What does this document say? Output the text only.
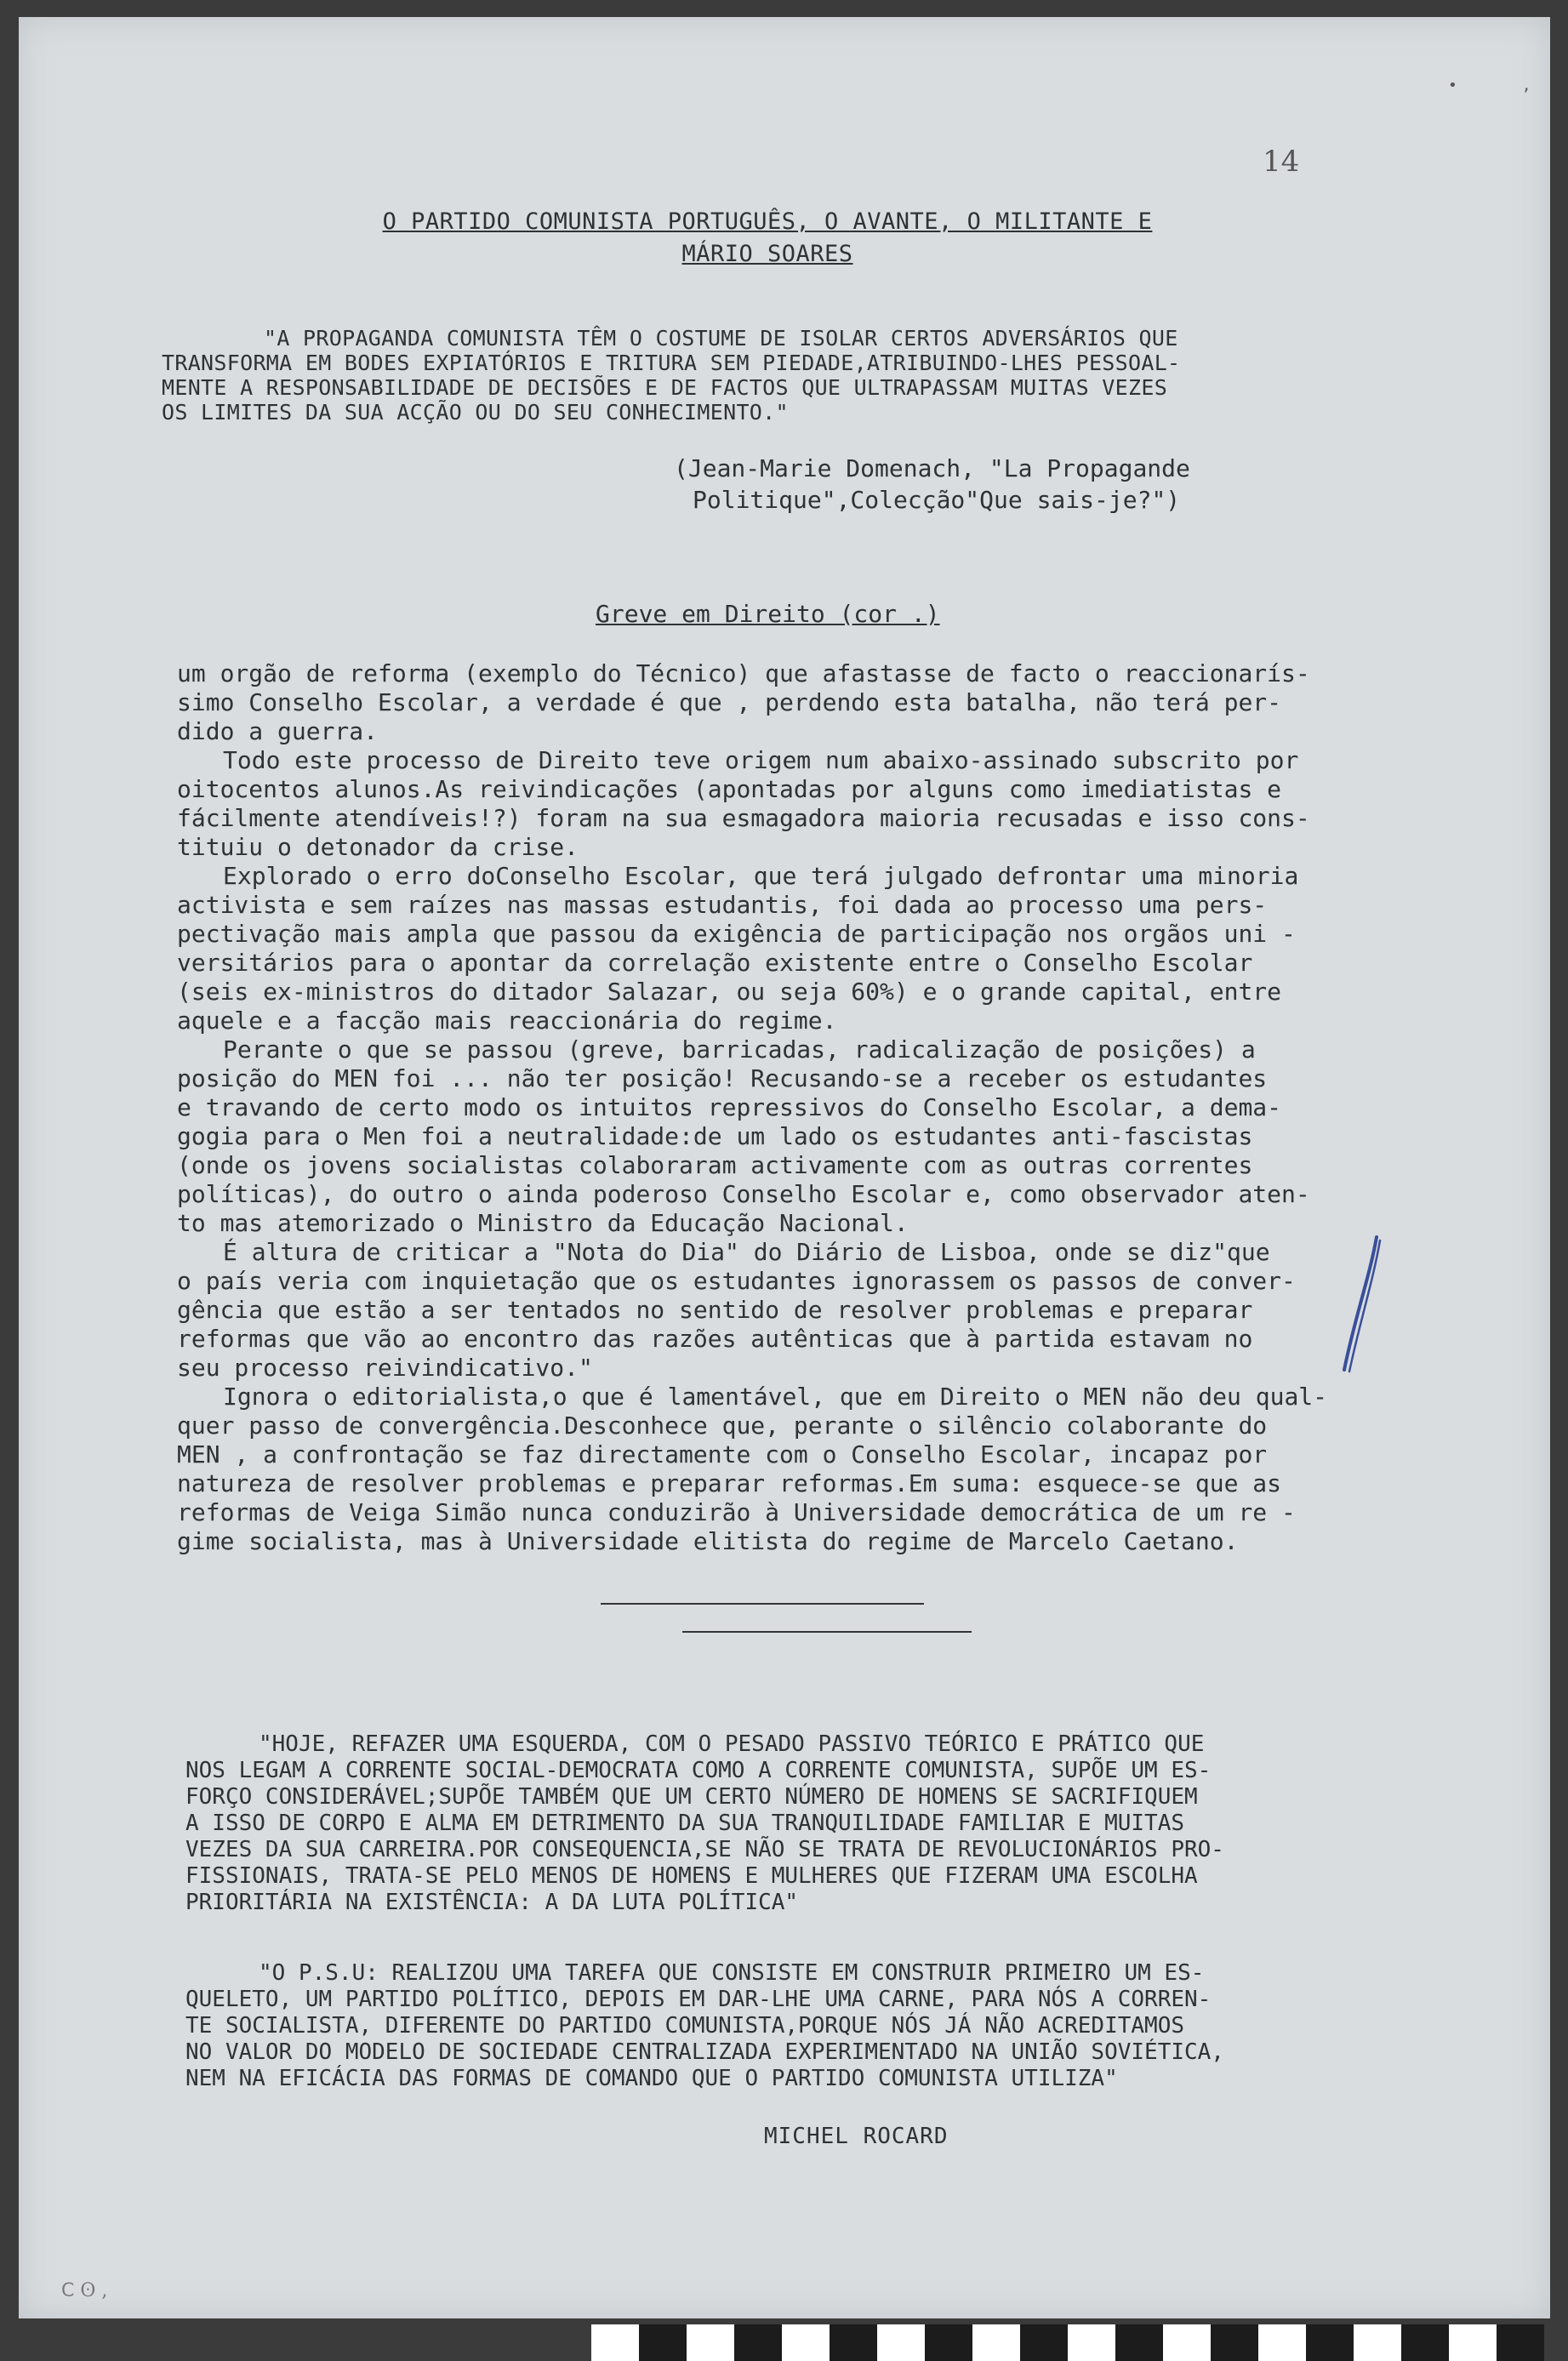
•       ,
14
O PARTIDO COMUNISTA PORTUGUÊS, O AVANTE, O MILITANTE E
MÁRIO SOARES
"A PROPAGANDA COMUNISTA TÊM O COSTUME DE ISOLAR CERTOS ADVERSÁRIOS QUE
TRANSFORMA EM BODES EXPIATÓRIOS E TRITURA SEM PIEDADE,ATRIBUINDO-LHES PESSOAL-
MENTE A RESPONSABILIDADE DE DECISÕES E DE FACTOS QUE ULTRAPASSAM MUITAS VEZES
OS LIMITES DA SUA ACÇÃO OU DO SEU CONHECIMENTO."
(Jean-Marie Domenach, "La Propagande
Politique",Colecção"Que sais-je?")
Greve em Direito (cor .)
um orgão de reforma (exemplo do Técnico) que afastasse de facto o reaccionarís-
simo Conselho Escolar, a verdade é que , perdendo esta batalha, não terá per-
dido a guerra.
Todo este processo de Direito teve origem num abaixo-assinado subscrito por
oitocentos alunos.As reivindicações (apontadas por alguns como imediatistas e
fácilmente atendíveis!?) foram na sua esmagadora maioria recusadas e isso cons-
tituiu o detonador da crise.
Explorado o erro doConselho Escolar, que terá julgado defrontar uma minoria
activista e sem raízes nas massas estudantis, foi dada ao processo uma pers-
pectivação mais ampla que passou da exigência de participação nos orgãos uni -
versitários para o apontar da correlação existente entre o Conselho Escolar
(seis ex-ministros do ditador Salazar, ou seja 60%) e o grande capital, entre
aquele e a facção mais reaccionária do regime.
Perante o que se passou (greve, barricadas, radicalização de posições) a
posição do MEN foi ... não ter posição! Recusando-se a receber os estudantes
e travando de certo modo os intuitos repressivos do Conselho Escolar, a dema-
gogia para o Men foi a neutralidade:de um lado os estudantes anti-fascistas
(onde os jovens socialistas colaboraram activamente com as outras correntes
políticas), do outro o ainda poderoso Conselho Escolar e, como observador aten-
to mas atemorizado o Ministro da Educação Nacional.
É altura de criticar a "Nota do Dia" do Diário de Lisboa, onde se diz"que
o país veria com inquietação que os estudantes ignorassem os passos de conver-
gência que estão a ser tentados no sentido de resolver problemas e preparar
reformas que vão ao encontro das razões autênticas que à partida estavam no
seu processo reivindicativo."
Ignora o editorialista,o que é lamentável, que em Direito o MEN não deu qual-
quer passo de convergência.Desconhece que, perante o silêncio colaborante do
MEN , a confrontação se faz directamente com o Conselho Escolar, incapaz por
natureza de resolver problemas e preparar reformas.Em suma: esquece-se que as
reformas de Veiga Simão nunca conduzirão à Universidade democrática de um re -
gime socialista, mas à Universidade elitista do regime de Marcelo Caetano.
"HOJE, REFAZER UMA ESQUERDA, COM O PESADO PASSIVO TEÓRICO E PRÁTICO QUE
NOS LEGAM A CORRENTE SOCIAL-DEMOCRATA COMO A CORRENTE COMUNISTA, SUPÕE UM ES-
FORÇO CONSIDERÁVEL;SUPÕE TAMBÉM QUE UM CERTO NÚMERO DE HOMENS SE SACRIFIQUEM
A ISSO DE CORPO E ALMA EM DETRIMENTO DA SUA TRANQUILIDADE FAMILIAR E MUITAS
VEZES DA SUA CARREIRA.POR CONSEQUENCIA,SE NÃO SE TRATA DE REVOLUCIONÁRIOS PRO-
FISSIONAIS, TRATA-SE PELO MENOS DE HOMENS E MULHERES QUE FIZERAM UMA ESCOLHA
PRIORITÁRIA NA EXISTÊNCIA: A DA LUTA POLÍTICA"
"O P.S.U: REALIZOU UMA TAREFA QUE CONSISTE EM CONSTRUIR PRIMEIRO UM ES-
QUELETO, UM PARTIDO POLÍTICO, DEPOIS EM DAR-LHE UMA CARNE, PARA NÓS A CORREN-
TE SOCIALISTA, DIFERENTE DO PARTIDO COMUNISTA,PORQUE NÓS JÁ NÃO ACREDITAMOS
NO VALOR DO MODELO DE SOCIEDADE CENTRALIZADA EXPERIMENTADO NA UNIÃO SOVIÉTICA,
NEM NA EFICÁCIA DAS FORMAS DE COMANDO QUE O PARTIDO COMUNISTA UTILIZA"
MICHEL ROCARD
ꓚ ʘ ,
